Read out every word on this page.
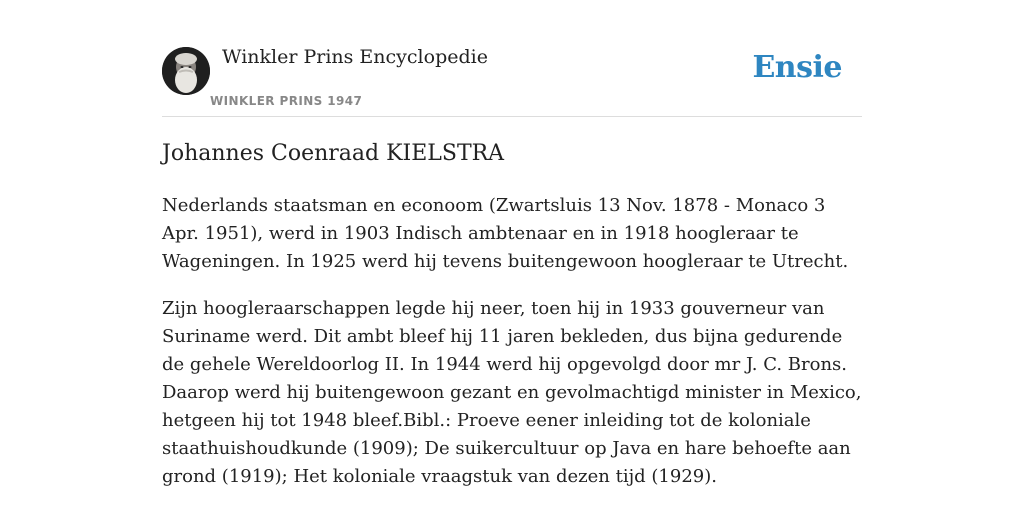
Winkler Prins Encyclopedie
WINKLER PRINS 1947
Ensie
Johannes Coenraad KIELSTRA

Nederlands staatsman en econoom (Zwartsluis 13 Nov. 1878 - Monaco 3 Apr. 1951), werd in 1903 Indisch ambtenaar en in 1918 hoogleraar te Wageningen. In 1925 werd hij tevens buitengewoon hoogleraar te Utrecht.

Zijn hoogleraarschappen legde hij neer, toen hij in 1933 gouverneur van Suriname werd. Dit ambt bleef hij 11 jaren bekleden, dus bijna gedurende de gehele Wereldoorlog II. In 1944 werd hij opgevolgd door mr J. C. Brons. Daarop werd hij buitengewoon gezant en gevolmachtigd minister in Mexico, hetgeen hij tot 1948 bleef.Bibl.: Proeve eener inleiding tot de koloniale staathuishoudkunde (1909); De suikercultuur op Java en hare behoefte aan grond (1919); Het koloniale vraagstuk van dezen tijd (1929).
